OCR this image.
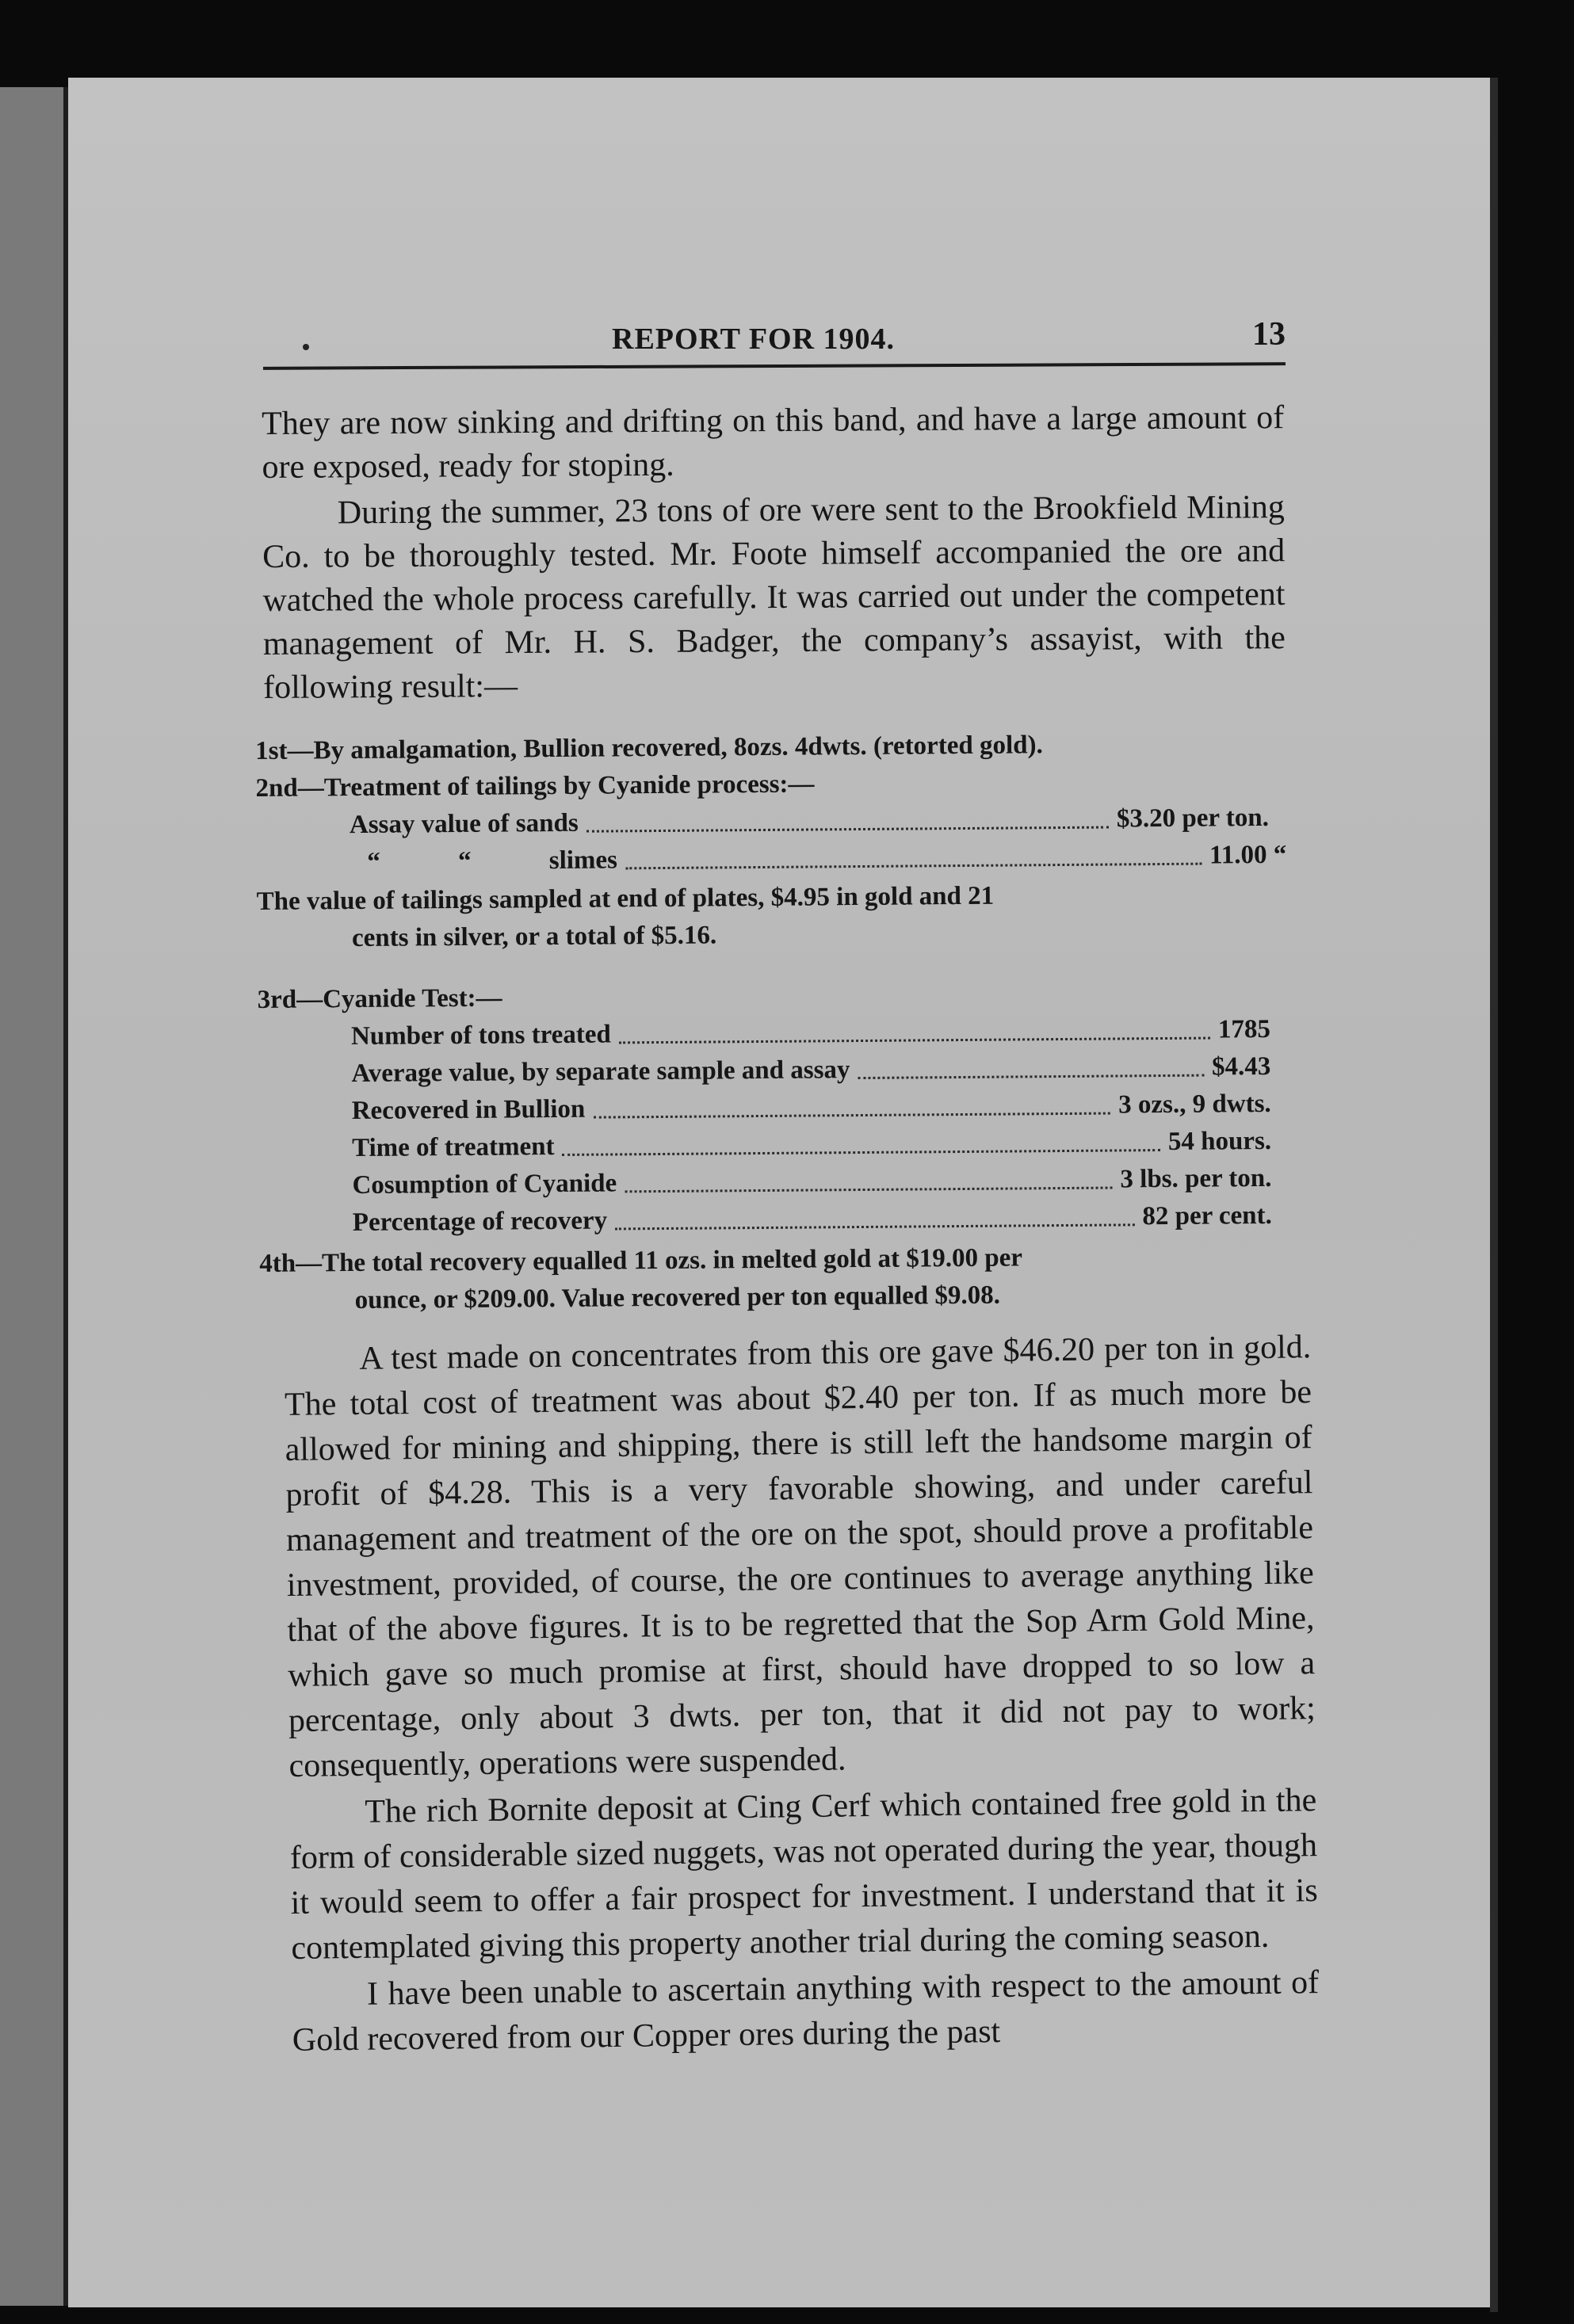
REPORT FOR 1904.	13

They are now sinking and drifting on this band, and have a large amount of ore exposed, ready for stoping.

During the summer, 23 tons of ore were sent to the Brookfield Mining Co. to be thoroughly tested. Mr. Foote himself accompanied the ore and watched the whole process carefully. It was carried out under the competent management of Mr. H. S. Badger, the company’s assayist, with the following result:—

1st—By amalgamation, Bullion recovered, 8ozs. 4dwts. (retorted gold).
2nd—Treatment of tailings by Cyanide process:—
Assay value of sands	$3.20 per ton.
“ “ slimes	11.00 “
The value of tailings sampled at end of plates, $4.95 in gold and 21
cents in silver, or a total of $5.16.
3rd—Cyanide Test:—
Number of tons treated	1785
Average value, by separate sample and assay	$4.43
Recovered in Bullion	3 ozs., 9 dwts.
Time of treatment	54 hours.
Cosumption of Cyanide	3 lbs. per ton.
Percentage of recovery	82 per cent.
4th—The total recovery equalled 11 ozs. in melted gold at $19.00 per
ounce, or $209.00. Value recovered per ton equalled $9.08.

A test made on concentrates from this ore gave $46.20 per ton in gold. The total cost of treatment was about $2.40 per ton. If as much more be allowed for mining and shipping, there is still left the handsome margin of profit of $4.28. This is a very favorable showing, and under careful management and treatment of the ore on the spot, should prove a profitable investment, provided, of course, the ore continues to average anything like that of the above figures. It is to be regretted that the Sop Arm Gold Mine, which gave so much promise at first, should have dropped to so low a percentage, only about 3 dwts. per ton, that it did not pay to work; consequently, operations were suspended.

The rich Bornite deposit at Cing Cerf which contained free gold in the form of considerable sized nuggets, was not operated during the year, though it would seem to offer a fair prospect for investment. I understand that it is contemplated giving this property another trial during the coming season.

I have been unable to ascertain anything with respect to the amount of Gold recovered from our Copper ores during the past
